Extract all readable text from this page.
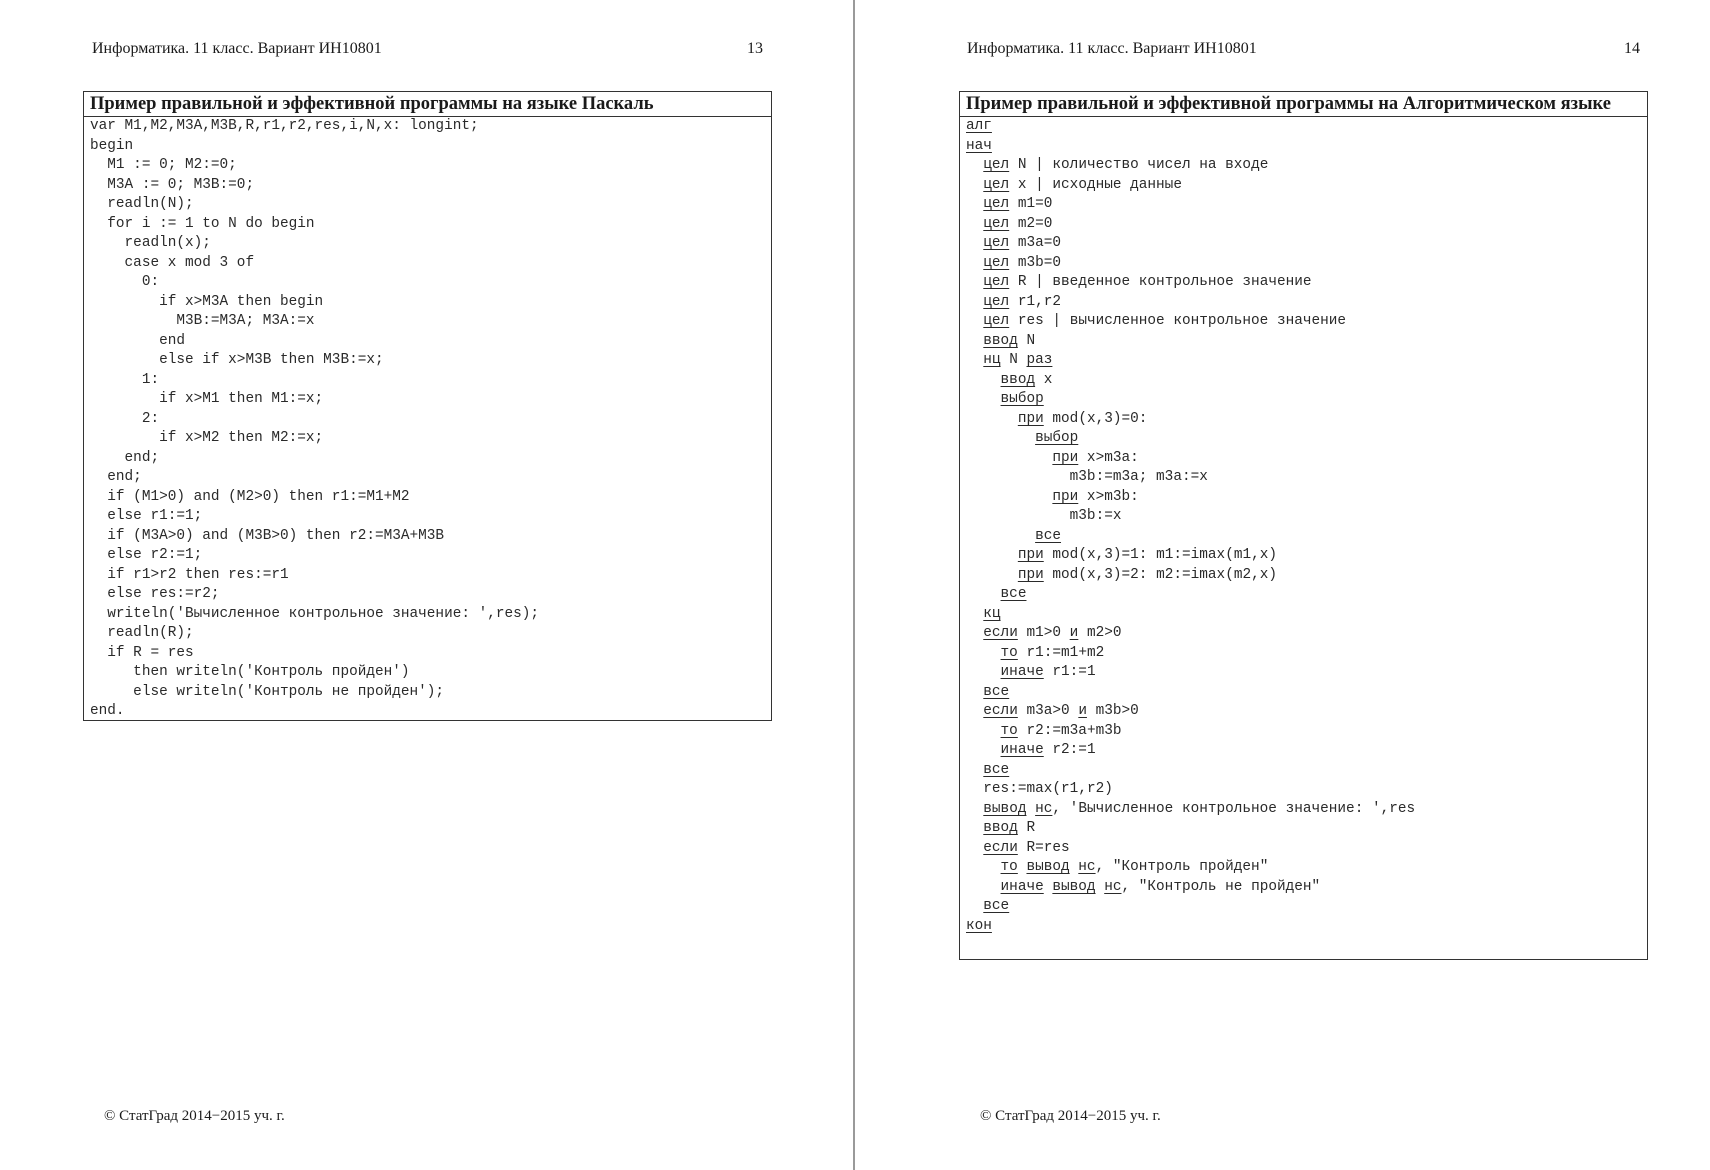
Информатика. 11 класс. Вариант ИН10801	13
Пример правильной и эффективной программы на языке Паскаль
var M1,M2,M3A,M3B,R,r1,r2,res,i,N,x: longint;
begin
M1 := 0; M2:=0;
M3A := 0; M3B:=0;
readln(N);
for i := 1 to N do begin
readln(x);
case x mod 3 of
0:
if x>M3A then begin
M3B:=M3A; M3A:=x
end
else if x>M3B then M3B:=x;
1:
if x>M1 then M1:=x;
2:
if x>M2 then M2:=x;
end;
end;
if (M1>0) and (M2>0) then r1:=M1+M2
else r1:=1;
if (M3A>0) and (M3B>0) then r2:=M3A+M3B
else r2:=1;
if r1>r2 then res:=r1
else res:=r2;
writeln('Вычисленное контрольное значение: ',res);
readln(R);
if R = res
then writeln('Контроль пройден')
else writeln('Контроль не пройден');
end.
© СтатГрад 2014−2015 уч. г.
Информатика. 11 класс. Вариант ИН10801	14
Пример правильной и эффективной программы на Алгоритмическом языке
алг
нач
цел N | количество чисел на входе
цел x | исходные данные
цел m1=0
цел m2=0
цел m3a=0
цел m3b=0
цел R | введенное контрольное значение
цел r1,r2
цел res | вычисленное контрольное значение
ввод N
нц N раз
ввод x
выбор
при mod(x,3)=0:
выбор
при x>m3a:
m3b:=m3a; m3a:=x
при x>m3b:
m3b:=x
все
при mod(x,3)=1: m1:=imax(m1,x)
при mod(x,3)=2: m2:=imax(m2,x)
все
кц
если m1>0 и m2>0
то r1:=m1+m2
иначе r1:=1
все
если m3a>0 и m3b>0
то r2:=m3a+m3b
иначе r2:=1
все
res:=max(r1,r2)
вывод нс, 'Вычисленное контрольное значение: ',res
ввод R
если R=res
то вывод нс, "Контроль пройден"
иначе вывод нс, "Контроль не пройден"
все
кон
© СтатГрад 2014−2015 уч. г.
